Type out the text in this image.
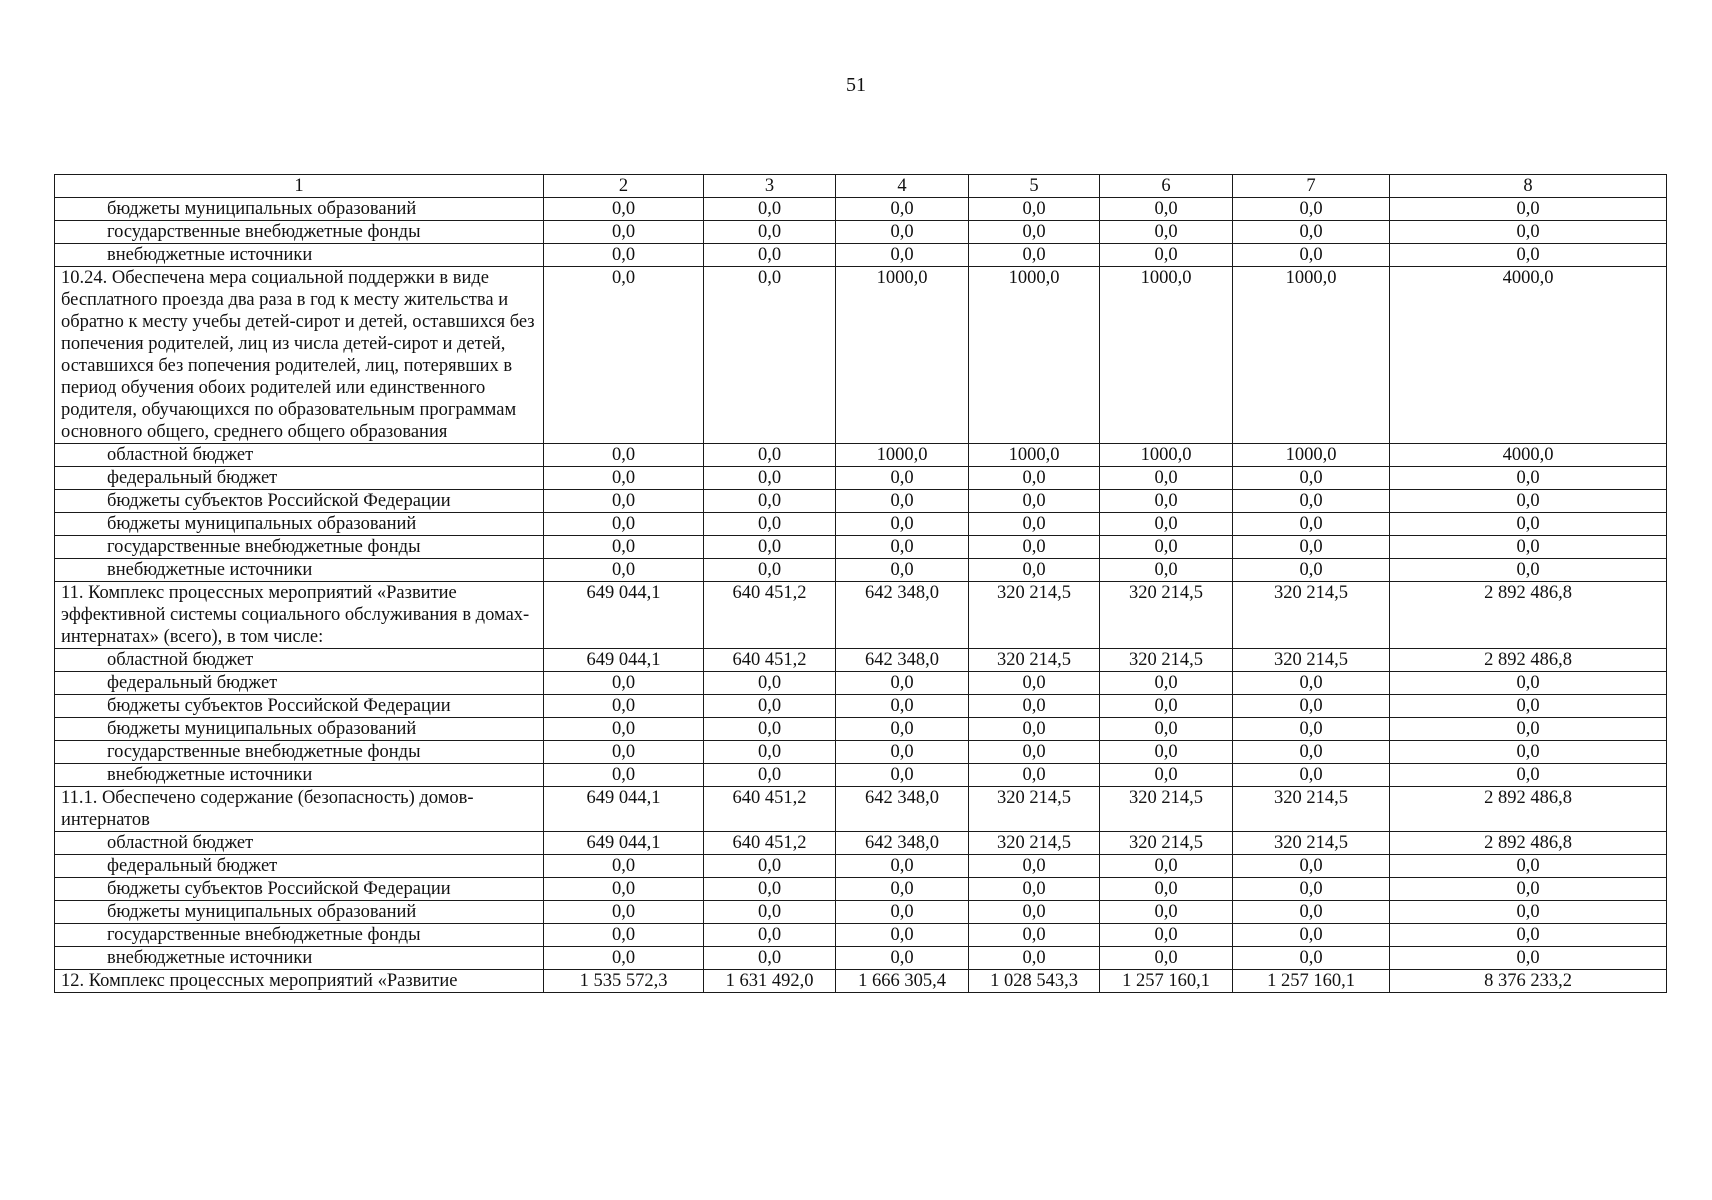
51
1	2	3	4	5	6	7	8
бюджеты муниципальных образований	0,0	0,0	0,0	0,0	0,0	0,0	0,0
государственные внебюджетные фонды	0,0	0,0	0,0	0,0	0,0	0,0	0,0
внебюджетные источники	0,0	0,0	0,0	0,0	0,0	0,0	0,0
10.24. Обеспечена мера социальной поддержки в виде бесплатного проезда два раза в год к месту жительства и обратно к месту учебы детей-сирот и детей, оставшихся без попечения родителей, лиц из числа детей-сирот и детей, оставшихся без попечения родителей, лиц, потерявших в период обучения обоих родителей или единственного родителя, обучающихся по образовательным программам основного общего, среднего общего образования	0,0	0,0	1000,0	1000,0	1000,0	1000,0	4000,0
областной бюджет	0,0	0,0	1000,0	1000,0	1000,0	1000,0	4000,0
федеральный бюджет	0,0	0,0	0,0	0,0	0,0	0,0	0,0
бюджеты субъектов Российской Федерации	0,0	0,0	0,0	0,0	0,0	0,0	0,0
бюджеты муниципальных образований	0,0	0,0	0,0	0,0	0,0	0,0	0,0
государственные внебюджетные фонды	0,0	0,0	0,0	0,0	0,0	0,0	0,0
внебюджетные источники	0,0	0,0	0,0	0,0	0,0	0,0	0,0
11. Комплекс процессных мероприятий «Развитие эффективной системы социального обслуживания в домах-интернатах» (всего), в том числе:	649 044,1	640 451,2	642 348,0	320 214,5	320 214,5	320 214,5	2 892 486,8
областной бюджет	649 044,1	640 451,2	642 348,0	320 214,5	320 214,5	320 214,5	2 892 486,8
федеральный бюджет	0,0	0,0	0,0	0,0	0,0	0,0	0,0
бюджеты субъектов Российской Федерации	0,0	0,0	0,0	0,0	0,0	0,0	0,0
бюджеты муниципальных образований	0,0	0,0	0,0	0,0	0,0	0,0	0,0
государственные внебюджетные фонды	0,0	0,0	0,0	0,0	0,0	0,0	0,0
внебюджетные источники	0,0	0,0	0,0	0,0	0,0	0,0	0,0
11.1. Обеспечено содержание (безопасность) домов-интернатов	649 044,1	640 451,2	642 348,0	320 214,5	320 214,5	320 214,5	2 892 486,8
областной бюджет	649 044,1	640 451,2	642 348,0	320 214,5	320 214,5	320 214,5	2 892 486,8
федеральный бюджет	0,0	0,0	0,0	0,0	0,0	0,0	0,0
бюджеты субъектов Российской Федерации	0,0	0,0	0,0	0,0	0,0	0,0	0,0
бюджеты муниципальных образований	0,0	0,0	0,0	0,0	0,0	0,0	0,0
государственные внебюджетные фонды	0,0	0,0	0,0	0,0	0,0	0,0	0,0
внебюджетные источники	0,0	0,0	0,0	0,0	0,0	0,0	0,0
12. Комплекс процессных мероприятий «Развитие	1 535 572,3	1 631 492,0	1 666 305,4	1 028 543,3	1 257 160,1	1 257 160,1	8 376 233,2
